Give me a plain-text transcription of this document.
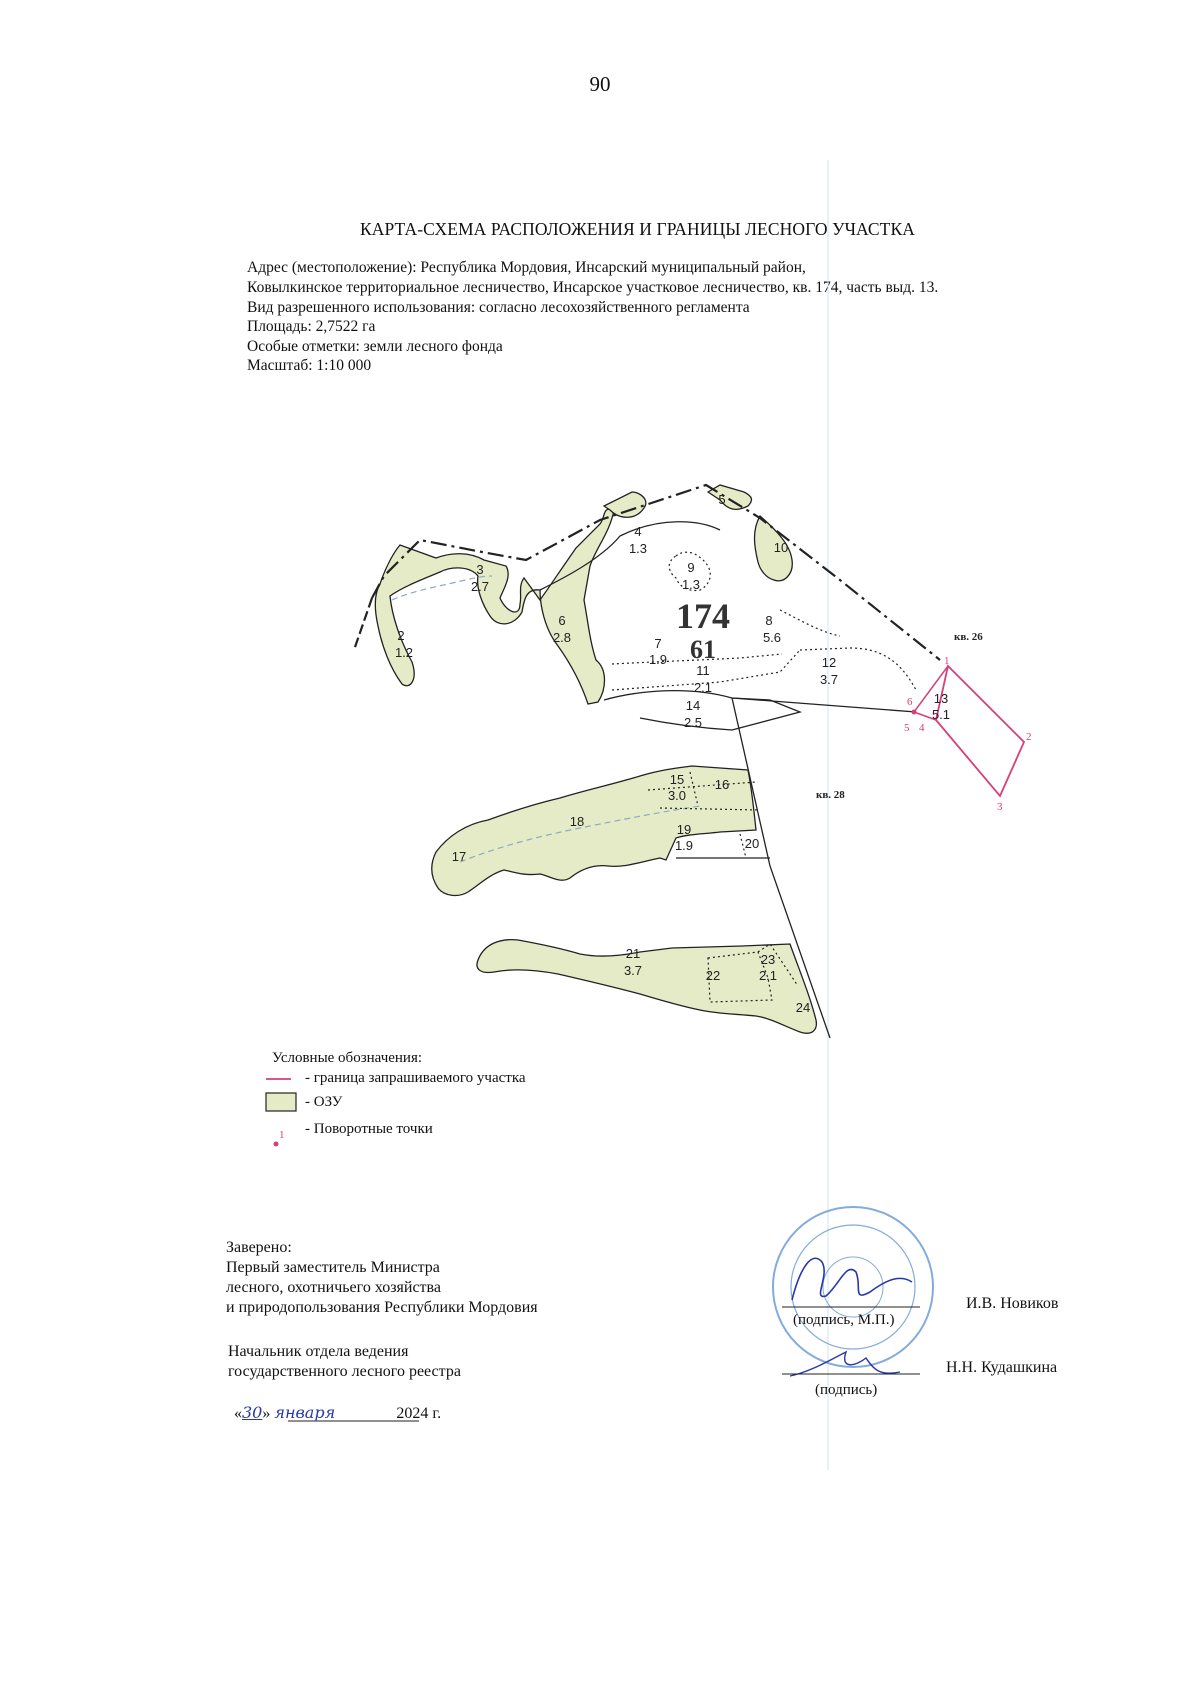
90
КАРТА-СХЕМА РАСПОЛОЖЕНИЯ И ГРАНИЦЫ ЛЕСНОГО УЧАСТКА
Адрес (местоположение): Республика Мордовия, Инсарский муниципальный район,
Ковылкинское территориальное лесничество, Инсарское участковое лесничество, кв. 174, часть выд. 13.
Вид разрешенного использования: согласно лесохозяйственного регламента
Площадь: 2,7522 га
Особые отметки: земли лесного фонда
Масштаб: 1:10 000
2
1.2
3
2.7
4
1.3
5
6
2.8	7
1.9
8
5.6
9
1.3
10
11
2.1
12
3.7
13
5.1
14
2.5
15
3.0
16
17
18
19
1.9	20
21
3.7	22
23
2.1
24
174
61	кв. 26
кв. 28
1
2
3
4
5
6
1
Условные обозначения:
- граница запрашиваемого участка
- ОЗУ
- Поворотные точки
Заверено:
Первый заместитель Министра
лесного, охотничьего хозяйства
и природопользования Республики Мордовия
(подпись, М.П.)
И.В. Новиков
Начальник отдела ведения
государственного лесного реестра
(подпись)
Н.Н. Кудашкина
«30» января	2024 г.
